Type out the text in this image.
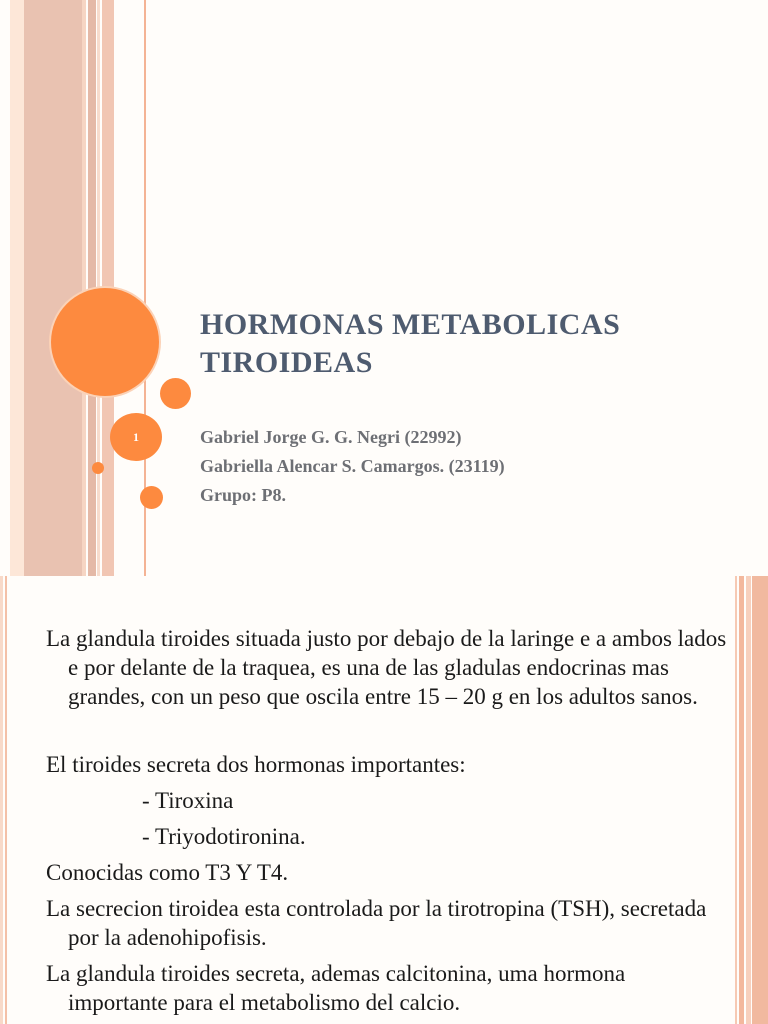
1
HORMONAS METABOLICAS
TIROIDEAS
Gabriel Jorge G. G. Negri (22992)
Gabriella Alencar S. Camargos. (23119)
Grupo: P8.
La glandula tiroides situada justo por debajo de la laringe e a ambos lados e por delante de la traquea, es una de las gladulas endocrinas mas grandes, con un peso que oscila entre 15 – 20 g en los adultos sanos.
El tiroides secreta dos hormonas importantes:
- Tiroxina
- Triyodotironina.
Conocidas como T3 Y T4.
La secrecion tiroidea esta controlada por la tirotropina (TSH), secretada por la adenohipofisis.
La glandula tiroides secreta, ademas calcitonina, uma hormona importante para el metabolismo del calcio.
